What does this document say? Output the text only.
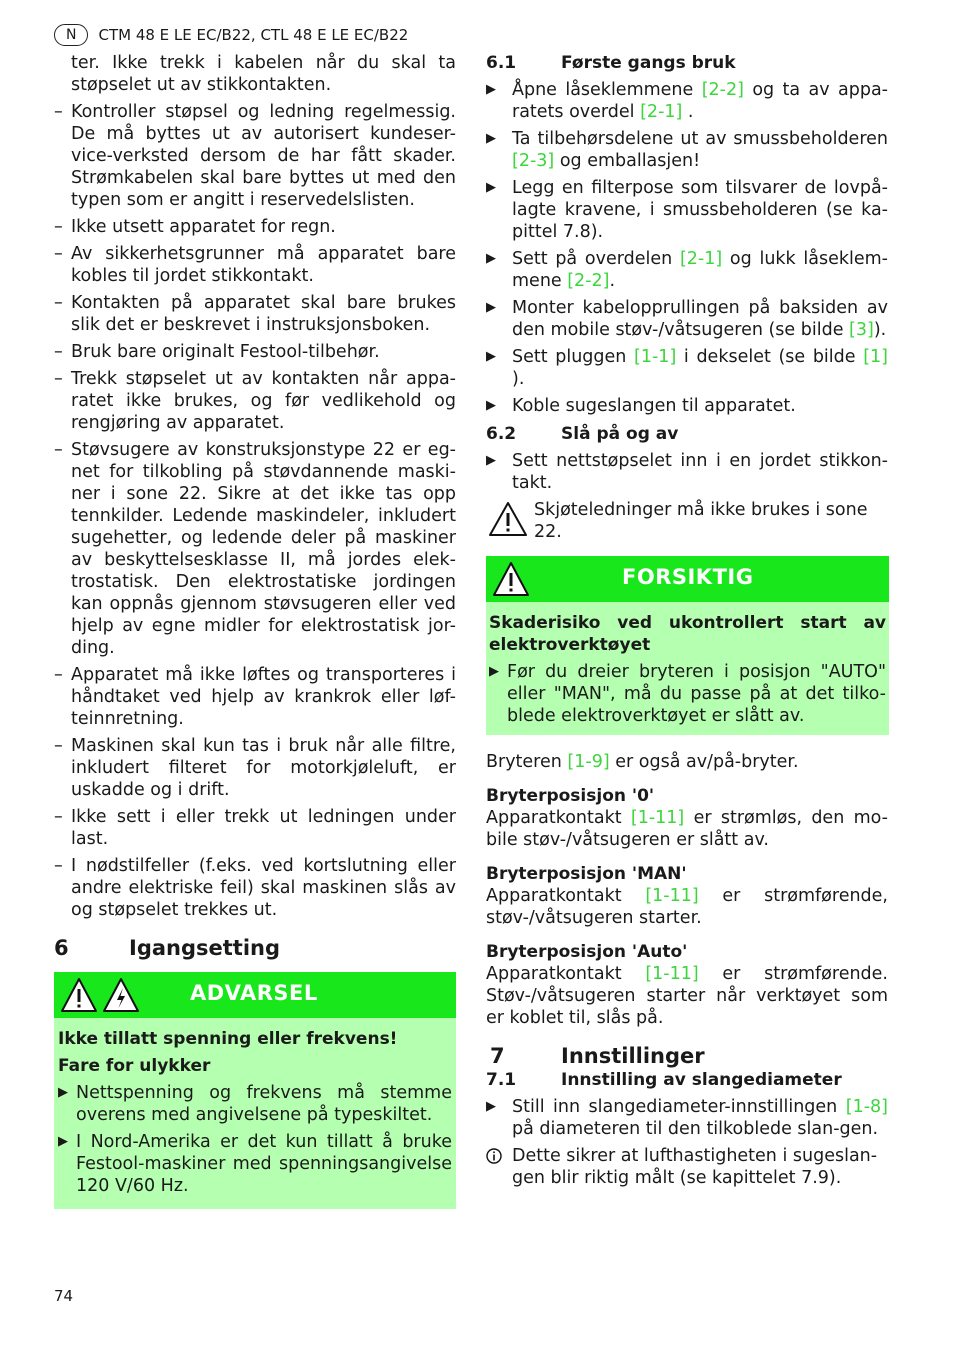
N	CTM 48 E LE EC/B22, CTL 48 E LE EC/B22

ter. Ikke trekk i kabelen når du skal ta støpselet ut av stikkontakten.

– Kontroller støpsel og ledning regelmessig. De må byttes ut av autorisert kundeser-vice-verksted dersom de har fått skader. Strømkabelen skal bare byttes ut med den typen som er angitt i reservedelslisten.

– Ikke utsett apparatet for regn.

– Av sikkerhetsgrunner må apparatet bare kobles til jordet stikkontakt.

– Kontakten på apparatet skal bare brukes slik det er beskrevet i instruksjonsboken.

– Bruk bare originalt Festool-tilbehør.

– Trekk støpselet ut av kontakten når appa-ratet ikke brukes, og før vedlikehold og rengjøring av apparatet.

– Støvsugere av konstruksjonstype 22 er eg-net for tilkobling på støvdannende maski-ner i sone 22. Sikre at det ikke tas opp tennkilder. Ledende maskindeler, inkludert sugehetter, og ledende deler på maskiner av beskyttelsesklasse II, må jordes elek-trostatisk. Den elektrostatiske jordingen kan oppnås gjennom støvsugeren eller ved hjelp av egne midler for elektrostatisk jor-ding.

– Apparatet må ikke løftes og transporteres i håndtaket ved hjelp av krankrok eller løf-teinnretning.

– Maskinen skal kun tas i bruk når alle filtre, inkludert filteret for motorkjøleluft, er uskadde og i drift.

– Ikke sett i eller trekk ut ledningen under last.

– I nødstilfeller (f.eks. ved kortslutning eller andre elektriske feil) skal maskinen slås av og støpselet trekkes ut.

6	Igangsetting
ADVARSEL

Ikke tillatt spenning eller frekvens!

Fare for ulykker

▶ Nettspenning og frekvens må stemme overens med angivelsene på typeskiltet.
▶ I Nord-Amerika er det kun tillatt å bruke Festool-maskiner med spenningsangivelse 120 V/60 Hz.
6.1	Første gangs bruk
▶ Åpne låseklemmene [2-2] og ta av appa-ratets overdel [2-1] .
▶ Ta tilbehørsdelene ut av smussbeholderen [2-3] og emballasjen!
▶ Legg en filterpose som tilsvarer de lovpå-lagte kravene, i smussbeholderen (se ka-pittel 7.8).
▶ Sett på overdelen [2-1] og lukk låseklem-mene [2-2].
▶ Monter kabelopprullingen på baksiden av den mobile støv-/våtsugeren (se bilde [3]).
▶ Sett pluggen [1-1] i dekselet (se bilde [1] ).
▶ Koble sugeslangen til apparatet.
6.2	Slå på og av
▶ Sett nettstøpselet inn i en jordet stikkon-takt.
Skjøteledninger må ikke brukes i sone 22.
FORSIKTIG

Skaderisiko ved ukontrollert start av elektroverktøyet

▶ Før du dreier bryteren i posisjon "AUTO" eller "MAN", må du passe på at det tilko-blede elektroverktøyet er slått av.

Bryteren [1-9] er også av/på-bryter.

Bryterposisjon '0'

Apparatkontakt [1-11] er strømløs, den mo-bile støv-/våtsugeren er slått av.

Bryterposisjon 'MAN'

Apparatkontakt [1-11] er strømførende, støv-/våtsugeren starter.

Bryterposisjon 'Auto'

Apparatkontakt [1-11] er strømførende. Støv-/våtsugeren starter når verktøyet som er koblet til, slås på.

7	Innstillinger
7.1	Innstilling av slangediameter
▶ Still inn slangediameter-innstillingen [1-8] på diameteren til den tilkoblede slan-gen.
Dette sikrer at lufthastigheten i sugeslan-gen blir riktig målt (se kapittelet 7.9).
74
